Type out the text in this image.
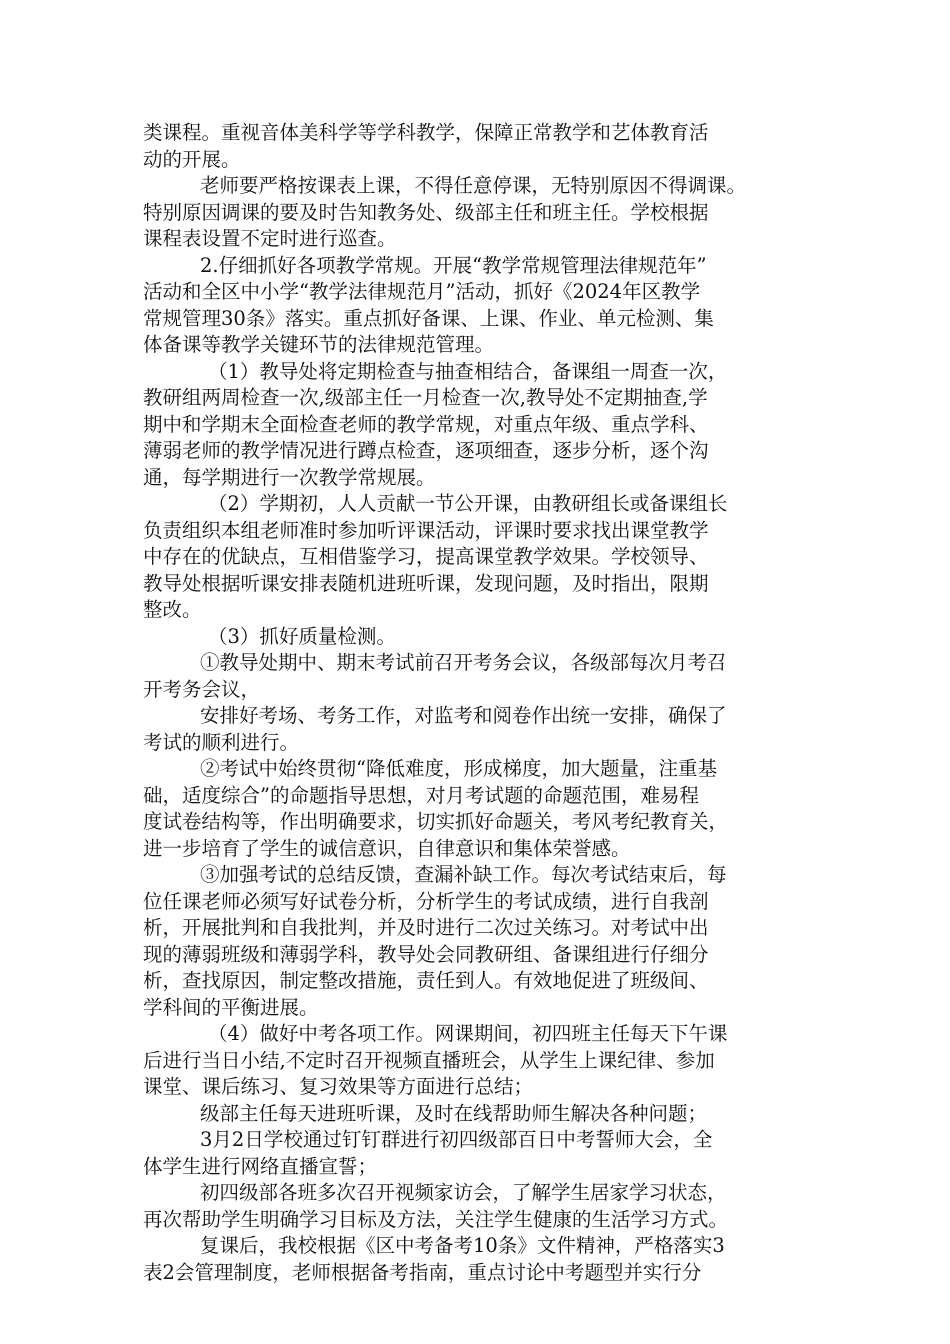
类课程。重视音体美科学等学科教学，保障正常教学和艺体教育活
动的开展。
老师要严格按课表上课，不得任意停课，无特别原因不得调课。
特别原因调课的要及时告知教务处、级部主任和班主任。学校根据
课程表设置不定时进行巡查。
2.仔细抓好各项教学常规。开展“教学常规管理法律规范年”
活动和全区中小学“教学法律规范月”活动，抓好《2024年区教学
常规管理30条》落实。重点抓好备课、上课、作业、单元检测、集
体备课等教学关键环节的法律规范管理。
（1）教导处将定期检查与抽查相结合，备课组一周查一次，
教研组两周检查一次,级部主任一月检查一次,教导处不定期抽查,学
期中和学期末全面检查老师的教学常规，对重点年级、重点学科、
薄弱老师的教学情况进行蹲点检查，逐项细查，逐步分析，逐个沟
通，每学期进行一次教学常规展。
（2）学期初，人人贡献一节公开课，由教研组长或备课组长
负责组织本组老师准时参加听评课活动，评课时要求找出课堂教学
中存在的优缺点，互相借鉴学习，提高课堂教学效果。学校领导、
教导处根据听课安排表随机进班听课，发现问题，及时指出，限期
整改。
（3）抓好质量检测。
①教导处期中、期末考试前召开考务会议，各级部每次月考召
开考务会议，
安排好考场、考务工作，对监考和阅卷作出统一安排，确保了
考试的顺利进行。
②考试中始终贯彻“降低难度，形成梯度，加大题量，注重基
础，适度综合”的命题指导思想，对月考试题的命题范围，难易程
度试卷结构等，作出明确要求，切实抓好命题关，考风考纪教育关，
进一步培育了学生的诚信意识，自律意识和集体荣誉感。
③加强考试的总结反馈，查漏补缺工作。每次考试结束后，每
位任课老师必须写好试卷分析，分析学生的考试成绩，进行自我剖
析，开展批判和自我批判，并及时进行二次过关练习。对考试中出
现的薄弱班级和薄弱学科，教导处会同教研组、备课组进行仔细分
析，查找原因，制定整改措施，责任到人。有效地促进了班级间、
学科间的平衡进展。
（4）做好中考各项工作。网课期间，初四班主任每天下午课
后进行当日小结,不定时召开视频直播班会，从学生上课纪律、参加
课堂、课后练习、复习效果等方面进行总结；
级部主任每天进班听课，及时在线帮助师生解决各种问题；
3月2日学校通过钉钉群进行初四级部百日中考誓师大会，全
体学生进行网络直播宣誓；
初四级部各班多次召开视频家访会，了解学生居家学习状态，
再次帮助学生明确学习目标及方法，关注学生健康的生活学习方式。
复课后，我校根据《区中考备考10条》文件精神，严格落实3
表2会管理制度，老师根据备考指南，重点讨论中考题型并实行分
